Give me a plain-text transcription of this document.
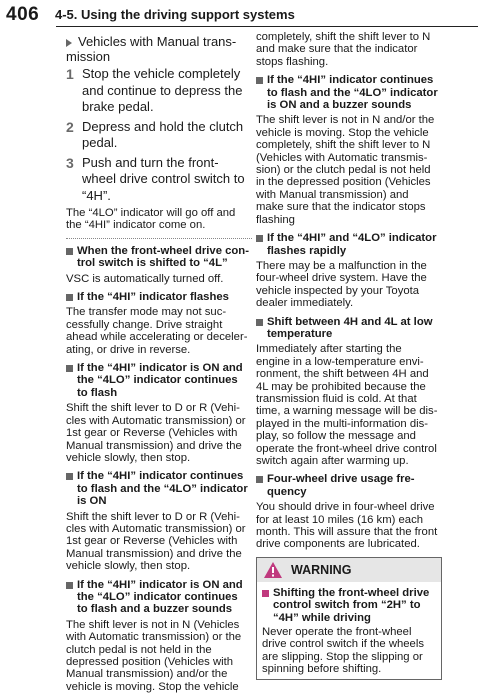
406 4-5. Using the driving support systems
Vehicles with Manual trans-
mission
1 Stop the vehicle completely and continue to depress the brake pedal.
2 Depress and hold the clutch pedal.
3 Push and turn the front-wheel drive control switch to “4H”.

The “4LO” indicator will go off and the “4HI” indicator come on.

When the front-wheel drive con-
trol switch is shifted to “4L”

VSC is automatically turned off.

If the “4HI” indicator flashes

The transfer mode may not suc-
cessfully change. Drive straight
ahead while accelerating or deceler-
ating, or drive in reverse.

If the “4HI” indicator is ON and
the “4LO” indicator continues
to flash

Shift the shift lever to D or R (Vehi-
cles with Automatic transmission) or
1st gear or Reverse (Vehicles with
Manual transmission) and drive the
vehicle slowly, then stop.

If the “4HI” indicator continues
to flash and the “4LO” indicator
is ON

Shift the shift lever to D or R (Vehi-
cles with Automatic transmission) or
1st gear or Reverse (Vehicles with
Manual transmission) and drive the
vehicle slowly, then stop.

If the “4HI” indicator is ON and
the “4LO” indicator continues
to flash and a buzzer sounds

The shift lever is not in N (Vehicles
with Automatic transmission) or the
clutch pedal is not held in the
depressed position (Vehicles with
Manual transmission) and/or the
vehicle is moving. Stop the vehicle

completely, shift the shift lever to N
and make sure that the indicator
stops flashing.

If the “4HI” indicator continues
to flash and the “4LO” indicator
is ON and a buzzer sounds

The shift lever is not in N and/or the
vehicle is moving. Stop the vehicle
completely, shift the shift lever to N
(Vehicles with Automatic transmis-
sion) or the clutch pedal is not held
in the depressed position (Vehicles
with Manual transmission) and
make sure that the indicator stops
flashing

If the “4HI” and “4LO” indicator
flashes rapidly

There may be a malfunction in the
four-wheel drive system. Have the
vehicle inspected by your Toyota
dealer immediately.

Shift between 4H and 4L at low
temperature

Immediately after starting the
engine in a low-temperature envi-
ronment, the shift between 4H and
4L may be prohibited because the
transmission fluid is cold. At that
time, a warning message will be dis-
played in the multi-information dis-
play, so follow the message and
operate the front-wheel drive control
switch again after warming up.

Four-wheel drive usage fre-
quency

You should drive in four-wheel drive
for at least 10 miles (16 km) each
month. This will assure that the front
drive components are lubricated.

WARNING
Shifting the front-wheel drive
control switch from “2H” to
“4H” while driving

Never operate the front-wheel
drive control switch if the wheels
are slipping. Stop the slipping or
spinning before shifting.
